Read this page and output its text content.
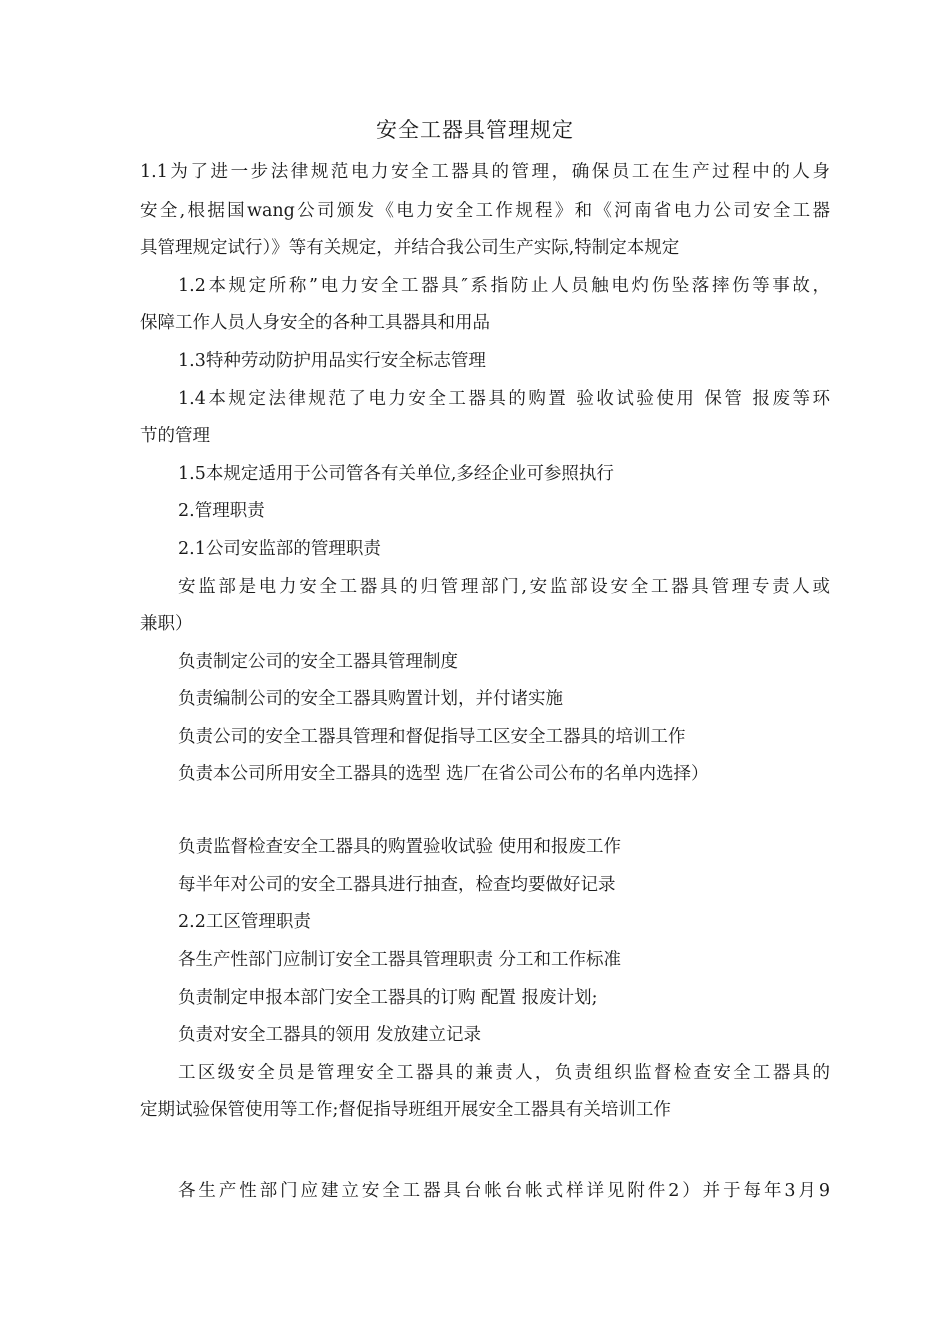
安全工器具管理规定
1.1为了进一步法律规范电力安全工器具的管理，确保员工在生产过程中的人身
安全,根据国wang公司颁发《电力安全工作规程》和《河南省电力公司安全工器
具管理规定试行）》等有关规定，并结合我公司生产实际,特制定本规定
1.2本规定所称”电力安全工器具″系指防止人员触电灼伤坠落摔伤等事故，
保障工作人员人身安全的各种工具器具和用品
1.3特种劳动防护用品实行安全标志管理
1.4本规定法律规范了电力安全工器具的购置 验收试验使用 保管 报废等环
节的管理
1.5本规定适用于公司管各有关单位,多经企业可参照执行
2.管理职责
2.1公司安监部的管理职责
安监部是电力安全工器具的归管理部门,安监部设安全工器具管理专责人或
兼职）
负责制定公司的安全工器具管理制度
负责编制公司的安全工器具购置计划，并付诸实施
负责公司的安全工器具管理和督促指导工区安全工器具的培训工作
负责本公司所用安全工器具的选型 选厂在省公司公布的名单内选择）
负责监督检查安全工器具的购置验收试验 使用和报废工作
每半年对公司的安全工器具进行抽查，检查均要做好记录
2.2工区管理职责
各生产性部门应制订安全工器具管理职责 分工和工作标准
负责制定申报本部门安全工器具的订购 配置 报废计划;
负责对安全工器具的领用 发放建立记录
工区级安全员是管理安全工器具的兼责人，负责组织监督检查安全工器具的
定期试验保管使用等工作;督促指导班组开展安全工器具有关培训工作
各生产性部门应建立安全工器具台帐台帐式样详见附件2）并于每年3月9
